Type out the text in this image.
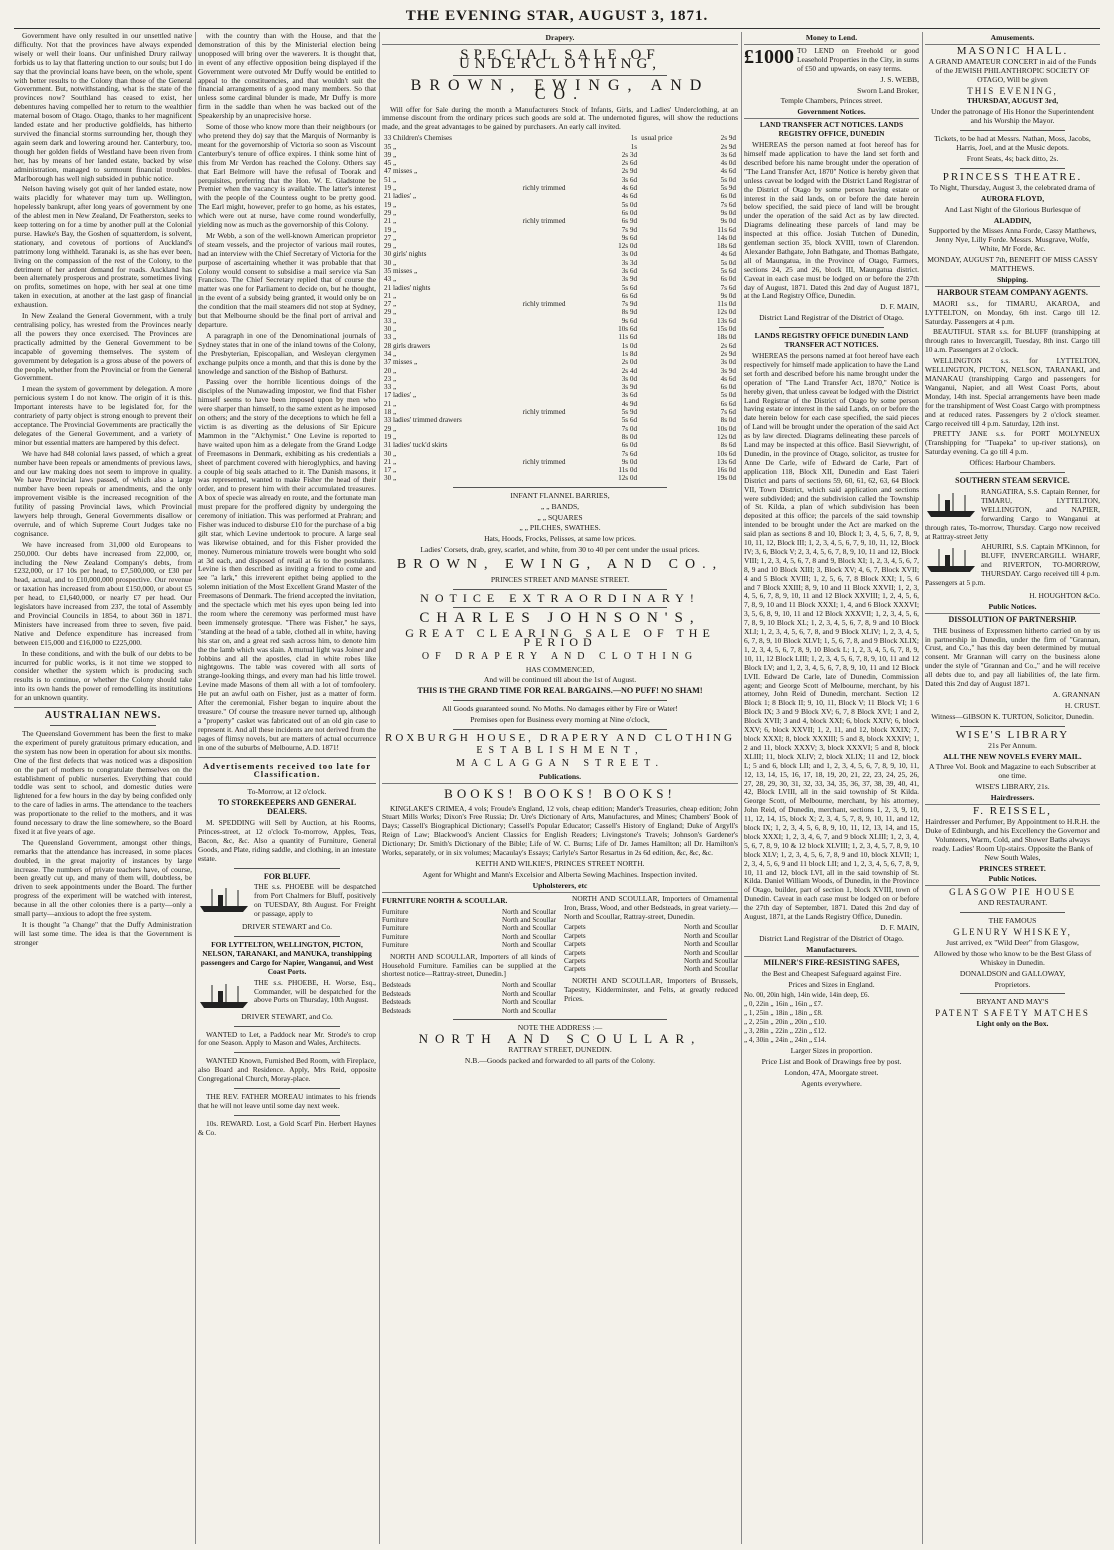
THE EVENING STAR, AUGUST 3, 1871.

Government have only resulted in our unsettled native difficulty. Not that the provinces have always expended wisely or well their loans. Our unfinished Drury railway forbids us to lay that flattering unction to our souls; but I do say that the provincial loans have been, on the whole, spent with better results to the Colony than those of the General Government. But, notwithstanding, what is the state of the provinces now? Southland has ceased to exist, her debentures having compelled her to return to the wealthier maternal bosom of Otago. Otago, thanks to her magnificent landed estate and her productive goldfields, has hitherto survived the financial storms surrounding her, though they again seem dark and lowering around her. Canterbury, too, though her golden fields of Westland have been riven from her, has by means of her landed estate, backed by wise administration, managed to surmount financial troubles. Marlborough has well nigh subsided in pubhic notice.

Nelson having wisely got quit of her landed estate, now waits placidly for whatever may turn up. Wellington, hopelessly bankrupt, after long years of government by one of the ablest men in New Zealand, Dr Featherston, seeks to keep tottering on for a time by another pull at the Colonial purse. Hawke's Bay, the Goshen of squatterdom, is solvent, stationary, and covetous of portions of Auckland's patrimony long withheld. Taranaki is, as she has ever been, living on the compassion of the rest of the Colony, to the detriment of her ardent demand for roads. Auckland has been alternately prosperous and prostrate, sometimes living on profits, sometimes on hope, with her seal at one time taken in execution, at another at the last gasp of financial exhaustion.

In New Zealand the General Government, with a truly centralising policy, has wrested from the Provinces nearly all the powers they once exercised. The Provinces are practically admitted by the General Government to be incapable of governing themselves. The system of government by delegation is a gross abuse of the powers of the people, whether from the Provincial or from the General Government.

I mean the system of government by delegation. A more pernicious system I do not know. The origin of it is this. Important interests have to be legislated for, for the contrariety of party object is strong enough to prevent their acceptance. The Provincial Governments are practically the delegates of the General Government, and a variety of minor but essential matters are hampered by this defect.

We have had 848 colonial laws passed, of which a great number have been repeals or amendments of previous laws, and our law making does not seem to improve in quality. We have Provincial laws passed, of which also a large number have been repeals or amendments, and the only improvement visible is the increased recognition of the futility of passing Provincial laws, which Provincial lawyers help through, General Governments disallow or overrule, and of which Supreme Court Judges take no cognisance.

We have increased from 31,000 old Europeans to 250,000. Our debts have increased from 22,000, or, including the New Zealand Company's debts, from £232,000, or 17 10s per head, to £7,500,000, or £30 per head, actual, and to £10,000,000 prospective. Our revenue or taxation has increased from about £150,000, or about £5 per head, to £1,640,000, or nearly £7 per head. Our legislators have increased from 237, the total of Assembly and Provincial Councils in 1854, to about 360 in 1871. Ministers have increased from three to seven, five paid. Native and Defence expenditure has increased from between £15,000 and £16,000 to £225,000.

In these conditions, and with the bulk of our debts to be incurred for public works, is it not time we stopped to consider whether the system which is producing such results is to continue, or whether the Colony should take into its own hands the power of remodelling its institutions for an unknown quantity.

AUSTRALIAN NEWS.

The Queensland Government has been the first to make the experiment of purely gratuitous primary education, and the system has now been in operation for about six months. One of the first defects that was noticed was a disposition on the part of mothers to congratulate themselves on the establishment of public nurseries. Everything that could toddle was sent to school, and domestic duties were lightened for a few hours in the day by being confided only to the care of ladies in arms. The attendance to the teachers was proportionate to the relief to the mothers, and it was found necessary to draw the line somewhere, so the Board fixed it at five years of age.

The Queensland Government, amongst other things, remarks that the attendance has increased, in some places doubled, in the great majority of instances by large increase. The numbers of private teachers have, of course, been greatly cut up, and many of them will, doubtless, be driven to seek appointments under the Board. The further progress of the experiment will be watched with interest, because in all the other colonies there is a party—only a small party—anxious to adopt the free system.

It is thought "a Change" that the Duffy Administration will last some time. The idea is that the Government is stronger

with the country than with the House, and that the demonstration of this by the Ministerial election being unopposed will bring over the waverers. It is thought that, in event of any effective opposition being displayed if the Government were outvoted Mr Duffy would be entitled to appeal to the constituencies, and that wouldn't suit the financial arrangements of a good many members. So that unless some cardinal blunder is made, Mr Duffy is more firm in the saddle than when he was backed out of the Speakership by an unaprecisive horse.

Some of those who know more than their neighbours (or who pretend they do) say that the Marquis of Normanby is meant for the governorship of Victoria so soon as Viscount Canterbury's tenure of office expires. I think some hint of this from Mr Verdon has reached the Colony. Others say that Earl Belmore will have the refusal of Toorak and perquisites, preferring that the Hon. W. E. Gladstone be Premier when the vacancy is available. The latter's interest with the people of the Countess ought to be pretty good. The Earl might, however, prefer to go home, as his estates, which were out at nurse, have come round wonderfully, yielding now as much as the governorship of this Colony.

Mr Webb, a son of the well-known American proprietor of steam vessels, and the projector of various mail routes, had an interview with the Chief Secretary of Victoria for the purpose of ascertaining whether it was probable that that Colony would consent to subsidise a mail service via San Francisco. The Chief Secretary replied that of course the matter was one for Parliament to decide on, but he thought, in the event of a subsidy being granted, it would only be on the condition that the mail steamers did not stop at Sydney, but that Melbourne should be the final port of arrival and departure.

A paragraph in one of the Denominational journals of Sydney states that in one of the inland towns of the Colony, the Presbyterian, Episcopalian, and Wesleyan clergymen exchange pulpits once a month, and that this is done by the knowledge and sanction of the Bishop of Bathurst.

Passing over the horrible licentious doings of the disciples of the Nunawading impostor, we find that Fisher himself seems to have been imposed upon by men who were sharper than himself, to the same extent as he imposed on others; and the story of the deceptions to which he fell a victim is as diverting as the delusions of Sir Epicure Mammon in the "Alchymist." One Levine is reported to have waited upon him as a delegate from the Grand Lodge of Freemasons in Denmark, exhibiting as his credentials a sheet of parchment covered with hieroglyphics, and having a couple of big seals attached to it. The Danish masons, it was represented, wanted to make Fisher the head of their order, and to present him with their accumulated treasures. A box of specie was already en route, and the fortunate man must prepare for the proffered dignity by undergoing the ceremony of initiation. This was performed at Prahran; and Fisher was induced to disburse £10 for the purchase of a big gilt star, which Levine undertook to procure. A large seal was likewise obtained, and for this Fisher provided the money. Numerous miniature trowels were bought who sold at 3d each, and disposed of retail at 6s to the postulants. Levine is then described as inviting a friend to come and see "a lark," this irreverent epithet being applied to the solemn initiation of the Most Excellent Grand Master of the Freemasons of Denmark. The friend accepted the invitation, and the spectacle which met his eyes upon being led into the room where the ceremony was performed must have been immensely grotesque. "There was Fisher," he says, "standing at the head of a table, clothed all in white, having his star on, and a great red sash across him, to denote him the the lamb which was slain. A mutual light was Joiner and Jobbins and all the apostles, clad in white robes like nightgowns. The table was covered with all sorts of strange-looking things, and every man had his little trowel. Levine made Masons of them all with a lot of tomfoolery. He put an awful oath on Fisher, just as a matter of form. After the ceremonial, Fisher began to inquire about the treasure." Of course the treasure never turned up, although a "property" casket was fabricated out of an old gin case to represent it. And all these incidents are not derived from the pages of flimsy novels, but are matters of actual occurrence in one of the suburbs of Melbourne, A.D. 1871!

Advertisements received too late for Classification.
To-Morrow, at 12 o'clock.
TO STOREKEEPERS AND GENERAL DEALERS.

M. SPEDDING will Sell by Auction, at his Rooms, Princes-street, at 12 o'clock To-morrow, Apples, Teas, Bacon, &c, &c. Also a quantity of Furniture, General Goods, and Plate, riding saddle, and clothing, in an intestate estate.

FOR BLUFF.

THE s.s. PHOEBE will be despatched from Port Chalmers for Bluff, positively on TUESDAY, 8th August. For Freight or passage, apply to

DRIVER STEWART and Co.
FOR LYTTELTON, WELLINGTON, PICTON, NELSON, TARANAKI, and MANUKA, transhipping passengers and Cargo for Napier, Wanganui, and West Coast Ports.

THE s.s. PHOEBE, H. Worse, Esq., Commander, will be despatched for the above Ports on Thursday, 10th August.

DRIVER STEWART, and Co.

WANTED to Let, a Paddock near Mr. Strode's to crop for one Season. Apply to Mason and Wales, Architects.

WANTED Known, Furnished Bed Room, with Fireplace, also Board and Residence. Apply, Mrs Reid, opposite Congregational Church, Moray-place.

THE REV. FATHER MOREAU intimates to his friends that he will not leave until some day next week.

10s. REWARD. Lost, a Gold Scarf Pin. Herbert Haynes & Co.

Drapery.
SPECIAL SALE OF UNDERCLOTHING,
BROWN, EWING, AND CO.

Will offer for Sale during the month a Manufacturers Stock of Infants, Girls, and Ladies' Underclothing, at an immense discount from the ordinary prices such goods are sold at. The undernoted figures, will show the reductions made, and the great advantages to be gained by purchasers. An early call invited.

33 Children's Chemises		1s	usual price	2s 9d
35 „		1s		2s 9d
39 „		2s 3d		3s 6d
45 „		2s 6d		4s 0d
47 misses „		2s 9d		4s 6d
51 „		3s 6d		5s 0d
19 „	richly trimmed	4s 6d		5s 9d
21 ladies' „		4s 6d		6s 0d
19 „		5s 0d		7s 6d
29 „		6s 0d		9s 0d
21 „	richly trimmed	6s 9d		9s 0d
19 „		7s 9d		11s 6d
27 „		9s 6d		14s 0d
29 „		12s 0d		18s 6d
30 girls' nights		3s 0d		4s 6d
30 „		3s 3d		5s 0d
35 misses „		3s 6d		5s 6d
43 „		3s 9d		6s 0d
21 ladies' nights		5s 6d		7s 6d
21 „		6s 6d		9s 0d
27 „	richly trimmed	7s 9d		11s 0d
29 „		8s 9d		12s 0d
33 „		9s 6d		13s 6d
30 „		10s 6d		15s 0d
33 „		11s 6d		18s 0d
28 girls drawers		1s 0d		2s 6d
34 „		1s 8d		2s 9d
37 misses „		2s 0d		3s 0d
20 „		2s 4d		3s 9d
23 „		3s 0d		4s 6d
33 „		3s 9d		6s 0d
17 ladies' „		3s 6d		5s 0d
21 „		4s 9d		6s 6d
18 „	richly trimmed	5s 9d		7s 6d
33 ladies' trimmed drawers		5s 6d		8s 0d
29 „		7s 0d		10s 0d
19 „		8s 0d		12s 0d
31 ladies' tuck'd skirts		6s 0d		8s 6d
30 „		7s 6d		10s 6d
21 „	richly trimmed	9s 0d		13s 6d
17 „		11s 0d		16s 0d
30 „		12s 0d		19s 0d
INFANT FLANNEL BARRIES,
„ „ BANDS,
„ „ SQUARES
„ „ PILCHES, SWATHES.
Hats, Hoods, Frocks, Pelisses, at same low prices.
Ladies' Corsets, drab, grey, scarlet, and white, from 30 to 40 per cent under the usual prices.
BROWN, EWING, AND CO.,
PRINCES STREET AND MANSE STREET.
NOTICE EXTRAORDINARY!
CHARLES JOHNSON'S,
GREAT CLEARING SALE OF THE PERIOD
OF DRAPERY AND CLOTHING
HAS COMMENCED,
And will be continued till about the 1st of August.
THIS IS THE GRAND TIME FOR REAL BARGAINS.—NO PUFF! NO SHAM!
All Goods guaranteed sound. No Moths. No damages either by Fire or Water!
Premises open for Business every morning at Nine o'clock,
ROXBURGH HOUSE, DRAPERY AND CLOTHING
ESTABLISHMENT,
MACLAGGAN STREET.
Publications.
BOOKS! BOOKS! BOOKS!

KINGLAKE'S CRIMEA, 4 vols; Froude's England, 12 vols, cheap edition; Mander's Treasuries, cheap edition; John Stuart Mills Works; Dixon's Free Russia; Dr. Ure's Dictionary of Arts, Manufactures, and Mines; Chambers' Book of Days; Cassell's Biographical Dictionary; Cassell's Popular Educator; Cassell's History of England; Duke of Argyll's Reign of Law; Blackwood's Ancient Classics for English Readers; Livingstone's Travels; Johnson's Gardener's Dictionary; Dr. Smith's Dictionary of the Bible; Life of W. C. Burns; Life of Dr. James Hamilton; all Dr. Hamilton's Works, separately, or in six volumes; Macaulay's Essays; Carlyle's Sartor Resartus in 2s 6d edition, &c, &c, &c.

KEITH AND WILKIE'S, PRINCES STREET NORTH.
Agent for Whight and Mann's Excelsior and Alberta Sewing Machines. Inspection invited.
Upholsterers, etc
FURNITURE NORTH & SCOULLAR.
Furniture	North and Scoullar
Furniture	North and Scoullar
Furniture	North and Scoullar
Furniture	North and Scoullar
Furniture	North and Scoullar

NORTH AND SCOULLAR, Importers of all kinds of Household Furniture. Families can be supplied at the shortest notice—Rattray-street, Dunedin.]

Bedsteads	North and Scoullar
Bedsteads	North and Scoullar
Bedsteads	North and Scoullar
Bedsteads	North and Scoullar

NORTH AND SCOULLAR, Importers of Ornamental Iron, Brass, Wood, and other Bedsteads, in great variety.—North and Scoullar, Rattray-street, Dunedin.

Carpets	North and Scoullar
Carpets	North and Scoullar
Carpets	North and Scoullar
Carpets	North and Scoullar
Carpets	North and Scoullar
Carpets	North and Scoullar

NORTH AND SCOULLAR, Importers of Brussels, Tapestry, Kidderminster, and Felts, at greatly reduced Prices.

NOTE THE ADDRESS :—
NORTH AND SCOULLAR,
RATTRAY STREET, DUNEDIN.
N.B.—Goods packed and forwarded to all parts of the Colony.
Money to Lend.
£1000 TO LEND on Freehold or good Leasehold Properties in the City, in sums of £50 and upwards, on easy terms.
J. S. WEBB,
Sworn Land Broker,
Temple Chambers, Princes street.
Government Notices.
LAND TRANSFER ACT NOTICES. LANDS REGISTRY OFFICE, DUNEDIN

WHEREAS the person named at foot hereof has for himself made application to have the land set forth and described before his name brought under the operation of "The Land Transfer Act, 1870" Notice is hereby given that unless caveat be lodged with the District Land Registrar of the District of Otago by some person having estate or interest in the said lands, on or before the date herein below specified, the said piece of land will be brought under the operation of the said Act as by law directed. Diagrams delineating these parcels of land may be inspected at this office. Josiah Tutchen of Dunedin, gentleman section 35, block XVIII, town of Clarendon. Alexander Bathgate, John Bathgate, and Thomas Bathgate, all of Maungatua, in the Province of Otago, Farmers, sections 24, 25 and 26, block III, Maungatua district. Caveat in each case must be lodged on or before the 27th day of August, 1871. Dated this 2nd day of August 1871, at the Land Registry Office, Dunedin.

D. F. MAIN,
District Land Registrar of the District of Otago.
LANDS REGISTRY OFFICE DUNEDIN LAND TRANSFER ACT NOTICES.

WHEREAS the persons named at foot hereof have each respectively for himself made application to have the Land set forth and described before his name brought under the operation of "The Land Transfer Act, 1870," Notice is hereby given, that unless caveat be lodged with the District Land Registrar of the District of Otago by some person having estate or interest in the said Lands, on or before the date herein below for each case specified, the said pieces of Land will be brought under the operation of the said Act as by law directed. Diagrams delineating these parcels of Land may be inspected at this office. Basil Sievwright, of Dunedin, in the province of Otago, solicitor, as trustee for Anne De Carle, wife of Edward de Carle, Part of application 118, Block XII, Dunedin and East Taieri District and parts of sections 59, 60, 61, 62, 63, 64 Block VII, Town District, which said application and sections were subdivided; and the subdivision called the Township of St. Kilda, a plan of which subdivision has been deposited at this office; the parcels of the said township intended to be brought under the Act are marked on the said plan as sections 8 and 10, Block I; 3, 4, 5, 6, 7, 8, 9, 10, 11, 12, Block III; 1, 2, 3, 4, 5, 6, 7, 9, 10, 11, 12, Block IV; 3, 6, Block V; 2, 3, 4, 5, 6, 7, 8, 9, 10, 11 and 12, Block VIII; 1, 2, 3, 4, 5, 6, 7, 8 and 9, Block XI; 1, 2, 3, 4, 5, 6, 7, 8, 9 and 10 Block XIII; 3, Block XV; 4, 6, 7, Block XVII; 4 and 5 Block XVIII; 1, 2, 5, 6, 7, 8 Block XXI; 1, 5, 6 and 7 Block XXIII; 8, 9, 10 and 11 Block XXVII; 1, 2, 3, 4, 5, 6, 7, 8, 9, 10, 11 and 12 Block XXVIII; 1, 2, 4, 5, 6, 7, 8, 9, 10 and 11 Block XXXI; 1, 4, and 6 Block XXXVI; 3, 5, 6, 8, 9, 10, 11 and 12 Block XXXVII; 1, 2, 3, 4, 5, 6, 7, 8, 9, 10 Block XL; 1, 2, 3, 4, 5, 6, 7, 8, 9 and 10 Block XLI; 1, 2, 3, 4, 5, 6, 7, 8, and 9 Block XLIV; 1, 2, 3, 4, 5, 6, 7, 8, 9, 10 Block XLVI; 1, 5, 6, 7, 8, and 9 Block XLIX; 1, 2, 3, 4, 5, 6, 7, 8, 9, 10 Block L; 1, 2, 3, 4, 5, 6, 7, 8, 9, 10, 11, 12 Block LIII; 1, 2, 3, 4, 5, 6, 7, 8, 9, 10, 11 and 12 Block LV; and 1, 2, 3, 4, 5, 6, 7, 8, 9, 10, 11 and 12 Block LVII. Edward De Carle, late of Dunedin, Commission agent; and George Scott of Melbourne, merchant, by his attorney, John Reid of Dunedin, merchant. Section 12 Block 1; 8 Block II; 9, 10, 11, Block V; 11 Block VI; 1 6 Block IX; 3 and 9 Block XV; 6, 7, 8 Block XVI; 1 and 2, Block XVII; 3 and 4, block XXI; 6, block XXIV; 6, block XXV; 6, block XXVII; 1, 2, 11, and 12, block XXIX; 7, block XXXI; 8, block XXXIII; 5 and 8, block XXXIV; 1, 2 and 11, block XXXV; 3, block XXXVI; 5 and 8, block XLIII; 11, block XLIV; 2, block XLIX; 11 and 12, block L; 5 and 6, block LII; and 1, 2, 3, 4, 5, 6, 7, 8, 9, 10, 11, 12, 13, 14, 15, 16, 17, 18, 19, 20, 21, 22, 23, 24, 25, 26, 27, 28, 29, 30, 31, 32, 33, 34, 35, 36, 37, 38, 39, 40, 41, 42, Block LVIII, all in the said township of St Kilda. George Scott, of Melbourne, merchant, by his attorney, John Reid, of Dunedin, merchant, sections 1, 2, 3, 9, 10, 11, 12, 14, 15, block X; 2, 3, 4, 5, 7, 8, 9, 10, 11, and 12, block IX; 1, 2, 3, 4, 5, 6, 8, 9, 10, 11, 12, 13, 14, and 15, block XXXI; 1, 2, 3, 4, 6, 7, and 9 block XLIII; 1, 2, 3, 4, 5, 6, 7, 8, 9, 10 & 12 block XLVIII; 1, 2, 3, 4, 5, 7, 8, 9, 10 block XLV; 1, 2, 3, 4, 5, 6, 7, 8, 9 and 10, block XLVII; 1, 2, 3, 4, 5, 6, 9 and 11 block LII; and 1, 2, 3, 4, 5, 6, 7, 8, 9, 10, 11 and 12, block LVI, all in the said township of St. Kilda. Daniel William Woods, of Dunedin, in the Province of Otago, builder, part of section 1, block XVIII, town of Dunedin. Caveat in each case must be lodged on or before the 27th day of September, 1871. Dated this 2nd day of August, 1871, at the Lands Registry Office, Dunedin.

D. F. MAIN,
District Land Registrar of the District of Otago.
Manufacturers.
MILNER'S FIRE-RESISTING SAFES,
the Best and Cheapest Safeguard against Fire.
Prices and Sizes in England.
No. 00, 20in high, 14in wide, 14in deep, £6.
„ 0, 22in „ 16in „ 16in „ £7.
„ 1, 25in „ 18in „ 18in „ £8.
„ 2, 25in „ 20in „ 20in „ £10.
„ 3, 28in „ 22in „ 22in „ £12.
„ 4, 30in „ 24in „ 24in „ £14.
Larger Sizes in proportion.
Price List and Book of Drawings free by post.
London, 47A, Moorgate street.
Agents everywhere.
Amusements.
MASONIC HALL.
A GRAND AMATEUR CONCERT in aid of the Funds of the JEWISH PHILANTHROPIC SOCIETY OF OTAGO, Will be given
THIS EVENING,
THURSDAY, AUGUST 3rd,
Under the patronage of His Honor the Superintendent and his Worship the Mayor.
Tickets, to be had at Messrs. Nathan, Moss, Jacobs, Harris, Joel, and at the Music depots.
Front Seats, 4s; back ditto, 2s.
PRINCESS THEATRE.
To Night, Thursday, August 3, the celebrated drama of
AURORA FLOYD,
And Last Night of the Glorious Burlesque of
ALADDIN,
Supported by the Misses Anna Forde, Cassy Matthews, Jenny Nye, Lilly Forde. Messrs. Musgrave, Wolfe, White, Mr Forde, &c.
MONDAY, AUGUST 7th, BENEFIT OF MISS CASSY MATTHEWS.
Shipping.
HARBOUR STEAM COMPANY AGENTS.

MAORI s.s., for TIMARU, AKAROA, and LYTTELTON, on Monday, 6th inst. Cargo till 12. Saturday. Passengers at 4 p.m.

BEAUTIFUL STAR s.s. for BLUFF (transhipping at through rates to Invercargill, Tuesday, 8th inst. Cargo till 10 a.m. Passengers at 2 o'clock.

WELLINGTON s.s. for LYTTELTON, WELLINGTON, PICTON, NELSON, TARANAKI, and MANAKAU (transhipping Cargo and passengers for Wanganui, Napier, and all West Coast Ports, about Monday, 14th inst. Special arrangements have been made for the transhipment of West Coast Cargo with promptness and at reduced rates. Passengers by 2 o'clock steamer. Cargo received till 4 p.m. Saturday, 12th inst.

PRETTY JANE s.s. for PORT MOLYNEUX (Transhipping for "Tuapeka" to up-river stations), on Saturday evening. Ca go till 4 p.m.

Offices: Harbour Chambers.
SOUTHERN STEAM SERVICE.

RANGATIRA, S.S. Captain Renner, for TIMARU, LYTTELTON, WELLINGTON, and NAPIER, forwarding Cargo to Wanganui at through rates, To-morrow, Thursday. Cargo now received at Rattray-street Jetty

AHURIRI, S.S. Captain M'Kinnon, for BLUFF, INVERCARGILL WHARF, and RIVERTON, TO-MORROW, THURSDAY. Cargo received till 4 p.m. Passengers at 5 p.m.

H. HOUGHTON &Co.
Public Notices.
DISSOLUTION OF PARTNERSHIP.

THE business of Expressmen hitherto carried on by us in partnership in Dunedin, under the firm of "Grannan, Crust, and Co.," has this day been determined by mutual consent. Mr Grannan will carry on the business alone under the style of "Grannan and Co.," and he will receive all debts due to, and pay all liabilities of, the late firm. Dated this 2nd day of August 1871.

A. GRANNAN
H. CRUST.
Witness—GIBSON K. TURTON, Solicitor, Dunedin.
WISE'S LIBRARY
21s Per Annum.
ALL THE NEW NOVELS EVERY MAIL.
A Three Vol. Book and Magazine to each Subscriber at one time.
WISE'S LIBRARY, 21s.
Hairdressers.
F. REISSEL,
Hairdresser and Perfumer, By Appointment to H.R.H. the Duke of Edinburgh, and his Excellency the Governor and Volunteers, Warm, Cold, and Shower Baths always ready. Ladies' Room Up-stairs. Opposite the Bank of New South Wales,
PRINCES STREET.
Public Notices.
GLASGOW PIE HOUSE
AND RESTAURANT.
THE FAMOUS
GLENURY WHISKEY,
Just arrived, ex "Wild Deer" from Glasgow,
Allowed by those who know to be the Best Glass of Whiskey in Dunedin.
DONALDSON and GALLOWAY,
Proprietors.
BRYANT AND MAY'S
PATENT SAFETY MATCHES
Light only on the Box.
